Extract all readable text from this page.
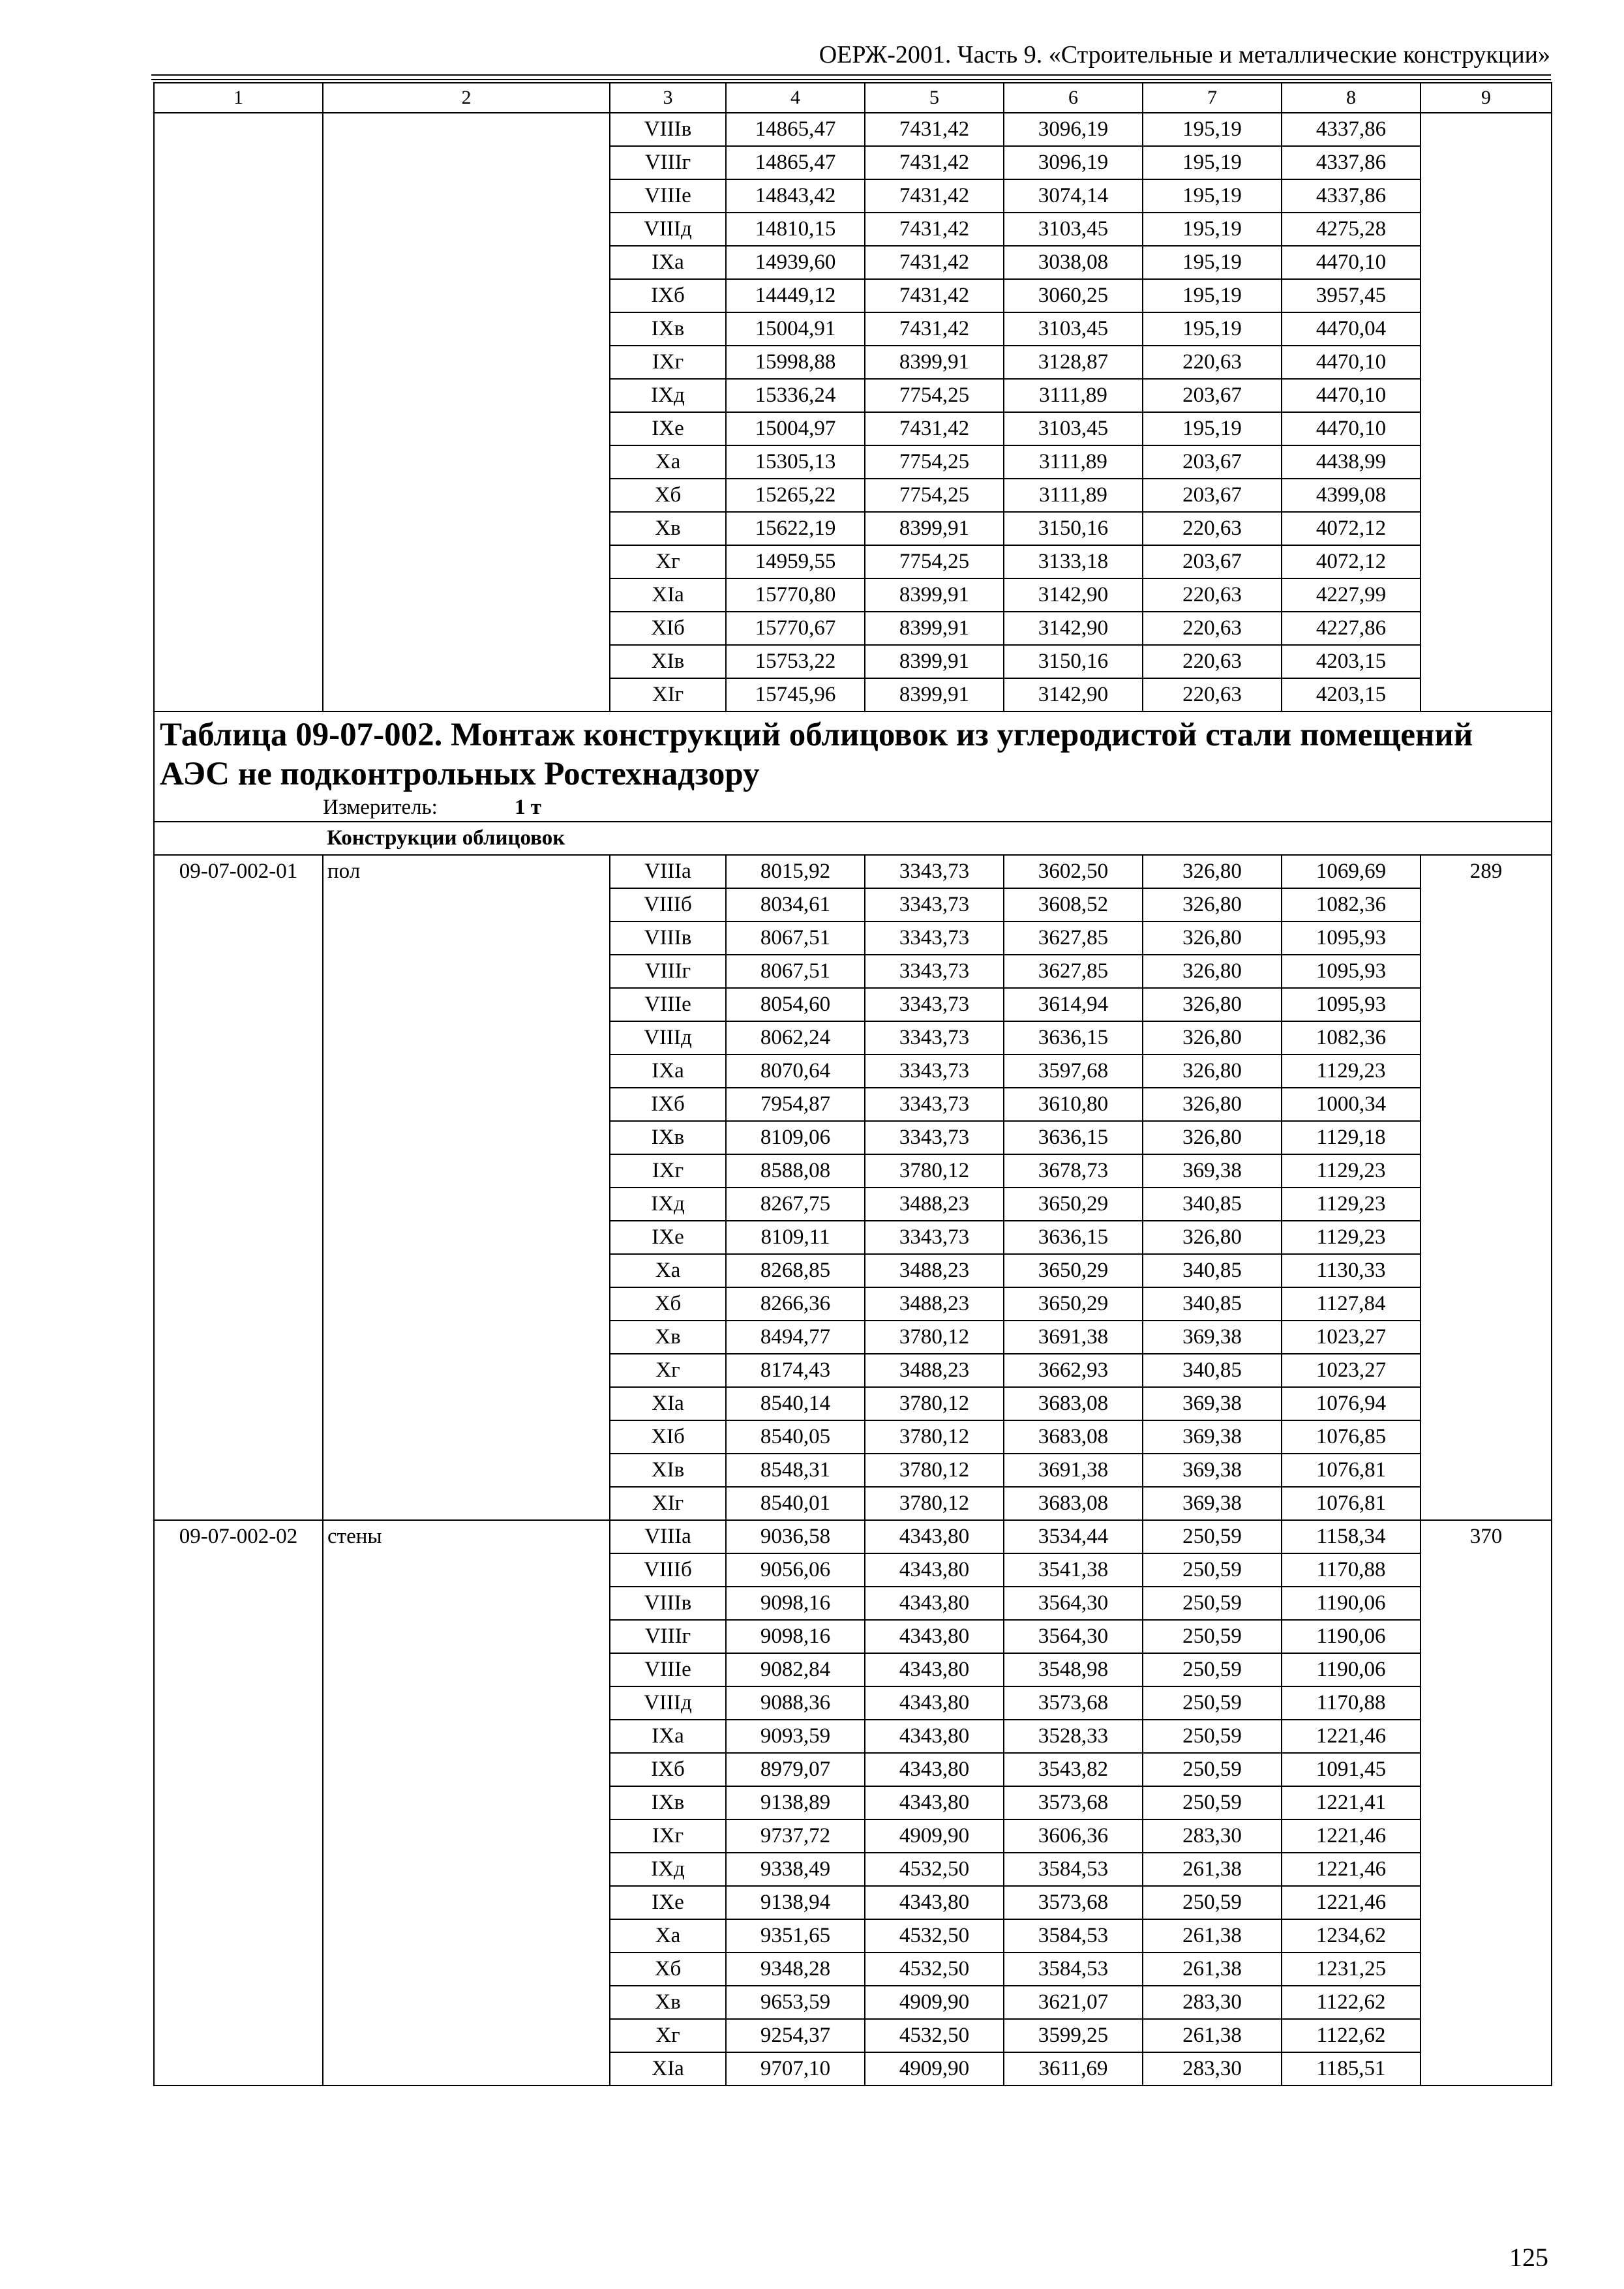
ОЕРЖ-2001. Часть 9. «Строительные и металлические конструкции»
1	2	3	4	5	6	7	8	9
		VIIIв	14865,47	7431,42	3096,19	195,19	4337,86	
		VIIIг	14865,47	7431,42	3096,19	195,19	4337,86	
		VIIIе	14843,42	7431,42	3074,14	195,19	4337,86	
		VIIIд	14810,15	7431,42	3103,45	195,19	4275,28	
		IXа	14939,60	7431,42	3038,08	195,19	4470,10	
		IXб	14449,12	7431,42	3060,25	195,19	3957,45	
		IXв	15004,91	7431,42	3103,45	195,19	4470,04	
		IXг	15998,88	8399,91	3128,87	220,63	4470,10	
		IXд	15336,24	7754,25	3111,89	203,67	4470,10	
		IXе	15004,97	7431,42	3103,45	195,19	4470,10	
		Xа	15305,13	7754,25	3111,89	203,67	4438,99	
		Xб	15265,22	7754,25	3111,89	203,67	4399,08	
		Xв	15622,19	8399,91	3150,16	220,63	4072,12	
		Xг	14959,55	7754,25	3133,18	203,67	4072,12	
		XIа	15770,80	8399,91	3142,90	220,63	4227,99	
		XIб	15770,67	8399,91	3142,90	220,63	4227,86	
		XIв	15753,22	8399,91	3150,16	220,63	4203,15	
		XIг	15745,96	8399,91	3142,90	220,63	4203,15	
Таблица 09-07-002. Монтаж конструкций облицовок из углеродистой стали помещений АЭС не подконтрольных Ростехнадзору								
	Измеритель: 1 т							
	Конструкции облицовок							
09-07-002-01	пол	VIIIа	8015,92	3343,73	3602,50	326,80	1069,69	289
		VIIIб	8034,61	3343,73	3608,52	326,80	1082,36	
		VIIIв	8067,51	3343,73	3627,85	326,80	1095,93	
		VIIIг	8067,51	3343,73	3627,85	326,80	1095,93	
		VIIIе	8054,60	3343,73	3614,94	326,80	1095,93	
		VIIIд	8062,24	3343,73	3636,15	326,80	1082,36	
		IXа	8070,64	3343,73	3597,68	326,80	1129,23	
		IXб	7954,87	3343,73	3610,80	326,80	1000,34	
		IXв	8109,06	3343,73	3636,15	326,80	1129,18	
		IXг	8588,08	3780,12	3678,73	369,38	1129,23	
		IXд	8267,75	3488,23	3650,29	340,85	1129,23	
		IXе	8109,11	3343,73	3636,15	326,80	1129,23	
		Xа	8268,85	3488,23	3650,29	340,85	1130,33	
		Xб	8266,36	3488,23	3650,29	340,85	1127,84	
		Xв	8494,77	3780,12	3691,38	369,38	1023,27	
		Xг	8174,43	3488,23	3662,93	340,85	1023,27	
		XIа	8540,14	3780,12	3683,08	369,38	1076,94	
		XIб	8540,05	3780,12	3683,08	369,38	1076,85	
		XIв	8548,31	3780,12	3691,38	369,38	1076,81	
		XIг	8540,01	3780,12	3683,08	369,38	1076,81	
09-07-002-02	стены	VIIIа	9036,58	4343,80	3534,44	250,59	1158,34	370
		VIIIб	9056,06	4343,80	3541,38	250,59	1170,88	
		VIIIв	9098,16	4343,80	3564,30	250,59	1190,06	
		VIIIг	9098,16	4343,80	3564,30	250,59	1190,06	
		VIIIе	9082,84	4343,80	3548,98	250,59	1190,06	
		VIIIд	9088,36	4343,80	3573,68	250,59	1170,88	
		IXа	9093,59	4343,80	3528,33	250,59	1221,46	
		IXб	8979,07	4343,80	3543,82	250,59	1091,45	
		IXв	9138,89	4343,80	3573,68	250,59	1221,41	
		IXг	9737,72	4909,90	3606,36	283,30	1221,46	
		IXд	9338,49	4532,50	3584,53	261,38	1221,46	
		IXе	9138,94	4343,80	3573,68	250,59	1221,46	
		Xа	9351,65	4532,50	3584,53	261,38	1234,62	
		Xб	9348,28	4532,50	3584,53	261,38	1231,25	
		Xв	9653,59	4909,90	3621,07	283,30	1122,62	
		Xг	9254,37	4532,50	3599,25	261,38	1122,62	
		XIа	9707,10	4909,90	3611,69	283,30	1185,51	
125
